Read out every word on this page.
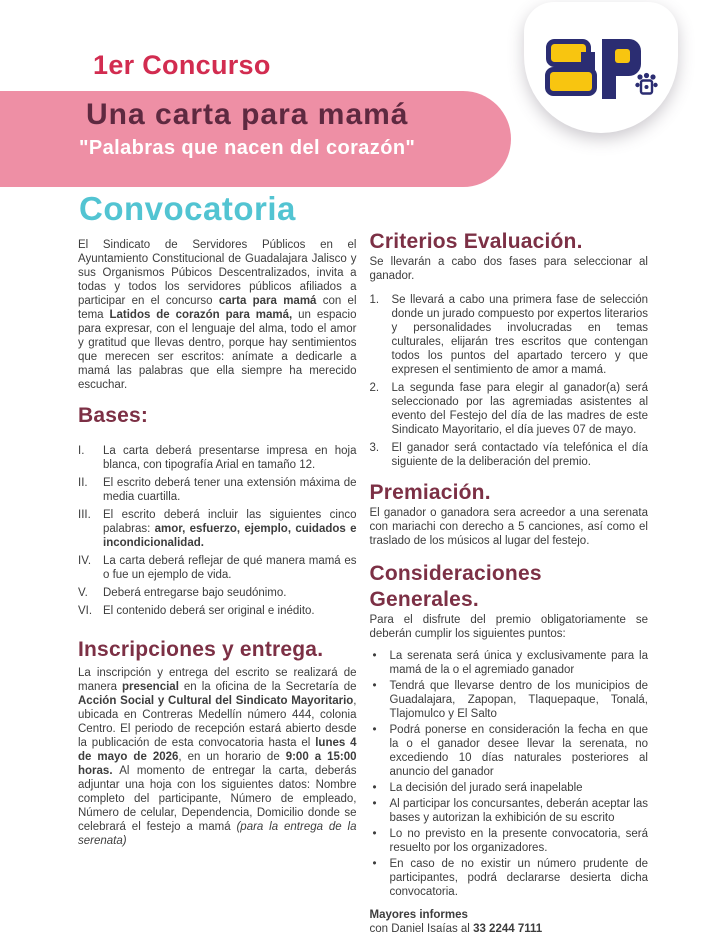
1er Concurso
Una carta para mamá
"Palabras que nacen del corazón"
Convocatoria

El Sindicato de Servidores Públicos en el Ayuntamiento Constitucional de Guadalajara Jalisco y sus Organismos Púbicos Descentralizados, invita a todas y todos los servidores públicos afiliados a participar en el concurso carta para mamá con el tema Latidos de corazón para mamá, un espacio para expresar, con el lenguaje del alma, todo el amor y gratitud que llevas dentro, porque hay sentimientos que merecen ser escritos: anímate a dedicarle a mamá las palabras que ella siempre ha merecido escuchar.

Bases:
La carta deberá presentarse impresa en hoja blanca, con tipografía Arial en tamaño 12.
El escrito deberá tener una extensión máxima de media cuartilla.
El escrito deberá incluir las siguientes cinco palabras: amor, esfuerzo, ejemplo, cuidados e incondicionalidad.
La carta deberá reflejar de qué manera mamá es o fue un ejemplo de vida.
Deberá entregarse bajo seudónimo.
El contenido deberá ser original e inédito.
Inscripciones y entrega.

La inscripción y entrega del escrito se realizará de manera presencial en la oficina de la Secretaría de Acción Social y Cultural del Sindicato Mayoritario, ubicada en Contreras Medellín número 444, colonia Centro. El periodo de recepción estará abierto desde la publicación de esta convocatoria hasta el lunes 4 de mayo de 2026, en un horario de 9:00 a 15:00 horas. Al momento de entregar la carta, deberás adjuntar una hoja con los siguientes datos: Nombre completo del participante, Número de empleado, Número de celular, Dependencia, Domicilio donde se celebrará el festejo a mamá (para la entrega de la serenata)

Criterios Evaluación.

Se llevarán a cabo dos fases para seleccionar al ganador.

Se llevará a cabo una primera fase de selección donde un jurado compuesto por expertos literarios y personalidades involucradas en temas culturales, elijarán tres escritos que contengan todos los puntos del apartado tercero y que expresen el sentimiento de amor a mamá.
La segunda fase para elegir al ganador(a) será seleccionado por las agremiadas asistentes al evento del Festejo del día de las madres de este Sindicato Mayoritario, el día jueves 07 de mayo.
El ganador será contactado vía telefónica el día siguiente de la deliberación del premio.
Premiación.

El ganador o ganadora sera acreedor a una serenata con mariachi con derecho a 5 canciones, así como el traslado de los músicos al lugar del festejo.

Consideraciones Generales.

Para el disfrute del premio obligatoriamente se deberán cumplir los siguientes puntos:

• La serenata será única y exclusivamente para la mamá de la o el agremiado ganador
• Tendrá que llevarse dentro de los municipios de Guadalajara, Zapopan, Tlaquepaque, Tonalá, Tlajomulco y El Salto
• Podrá ponerse en consideración la fecha en que la o el ganador desee llevar la serenata, no excediendo 10 días naturales posteriores al anuncio del ganador
• La decisión del jurado será inapelable
• Al participar los concursantes, deberán aceptar las bases y autorizan la exhibición de su escrito
• Lo no previsto en la presente convocatoria, será resuelto por los organizadores.
• En caso de no existir un número prudente de participantes, podrá declararse desierta dicha convocatoria.

Mayores informes
con Daniel Isaías al 33 2244 7111
